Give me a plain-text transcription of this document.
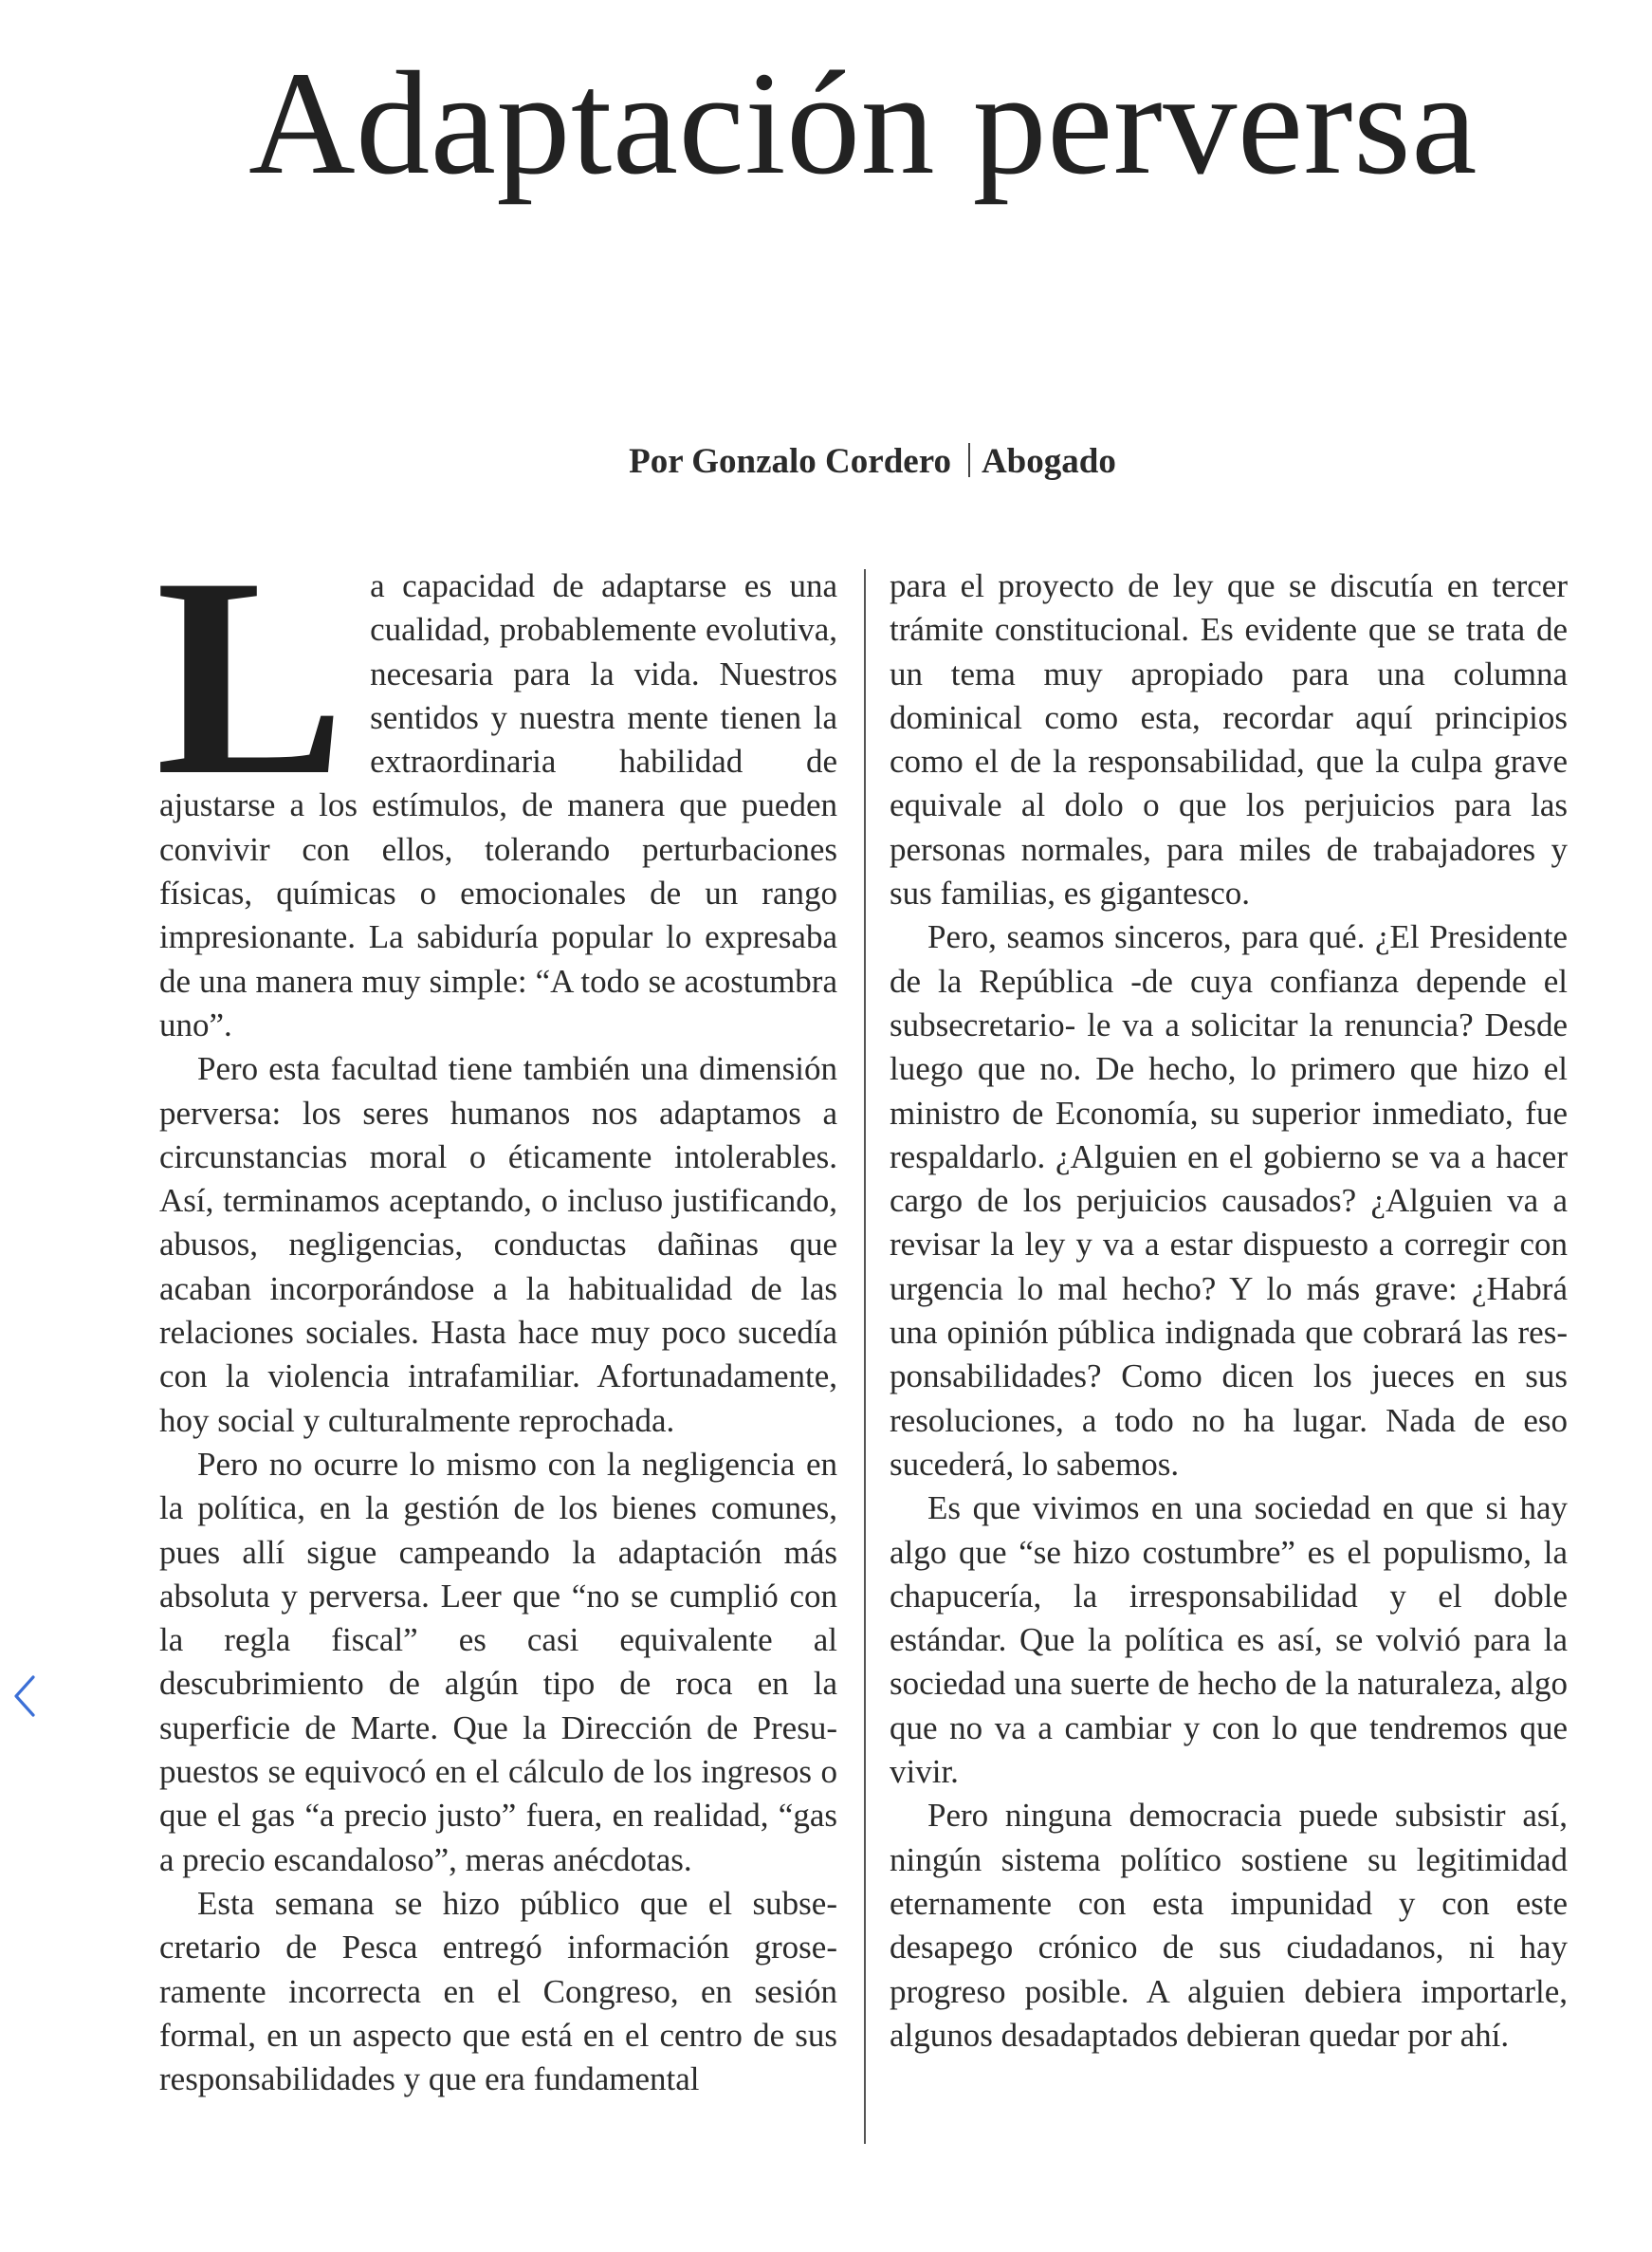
Adaptación perversa
Por Gonzalo Cordero Abogado

La capacidad de adaptarse es una cualidad, probablemente evolutiva, necesaria para la vida. Nuestros sentidos y nuestra mente tienen la extraordinaria habilidad de ajustarse a los estímulos, de manera que pueden convivir con ellos, tolerando perturbaciones físicas, químicas o emocionales de un rango impresionante. La sabiduría popular lo expresaba de una manera muy simple: “A todo se acostumbra uno”.

Pero esta facultad tiene también una dimensión perversa: los seres humanos nos adaptamos a circunstancias moral o éticamente intolerables. Así, terminamos aceptando, o incluso justificando, abusos, negligencias, conductas dañinas que acaban incorporándose a la habitualidad de las relaciones sociales. Hasta hace muy poco sucedía con la violencia intrafamiliar. Afortunadamente, hoy social y culturalmente reprochada.

Pero no ocurre lo mismo con la negligencia en la política, en la gestión de los bienes comunes, pues allí sigue campeando la adaptación más absoluta y perversa. Leer que “no se cumplió con la regla fiscal” es casi equivalente al descubrimiento de algún tipo de roca en la superficie de Marte. Que la Dirección de Presupuestos se equivocó en el cálculo de los ingresos o que el gas “a precio justo” fuera, en realidad, “gas a precio escandaloso”, meras anécdotas.

Esta semana se hizo público que el subsecretario de Pesca entregó información groseramente incorrecta en el Congreso, en sesión formal, en un aspecto que está en el centro de sus responsabilidades y que era fundamental

para el proyecto de ley que se discutía en tercer trámite constitucional. Es evidente que se trata de un tema muy apropiado para una columna dominical como esta, recordar aquí principios como el de la responsabilidad, que la culpa grave equivale al dolo o que los perjuicios para las personas normales, para miles de trabajadores y sus familias, es gigantesco.

Pero, seamos sinceros, para qué. ¿El Presidente de la República -de cuya confianza depende el subsecretario- le va a solicitar la renuncia? Desde luego que no. De hecho, lo primero que hizo el ministro de Economía, su superior inmediato, fue respaldarlo. ¿Alguien en el gobierno se va a hacer cargo de los perjuicios causados? ¿Alguien va a revisar la ley y va a estar dispuesto a corregir con urgencia lo mal hecho? Y lo más grave: ¿Habrá una opinión pública indignada que cobrará las responsabilidades? Como dicen los jueces en sus resoluciones, a todo no ha lugar. Nada de eso sucederá, lo sabemos.

Es que vivimos en una sociedad en que si hay algo que “se hizo costumbre” es el populismo, la chapucería, la irresponsabilidad y el doble estándar. Que la política es así, se volvió para la sociedad una suerte de hecho de la naturaleza, algo que no va a cambiar y con lo que tendremos que vivir.

Pero ninguna democracia puede subsistir así, ningún sistema político sostiene su legitimidad eternamente con esta impunidad y con este desapego crónico de sus ciudadanos, ni hay progreso posible. A alguien debiera importarle, algunos desadaptados debieran quedar por ahí.
